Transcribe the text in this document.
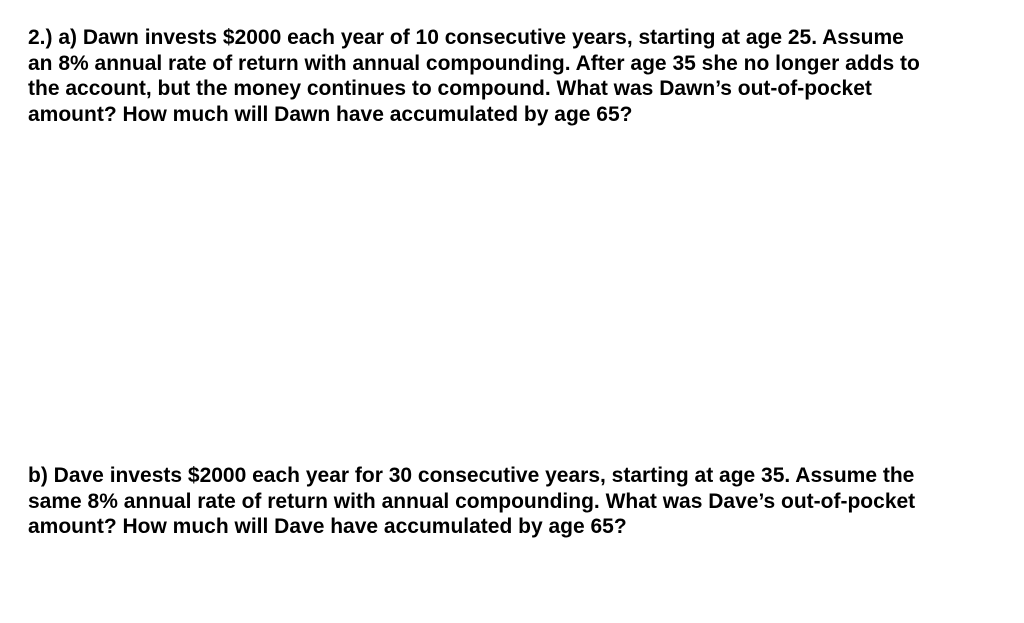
2.) a) Dawn invests $2000 each year of 10 consecutive years, starting at age 25. Assume
an 8% annual rate of return with annual compounding. After age 35 she no longer adds to
the account, but the money continues to compound. What was Dawn’s out-of-pocket
amount? How much will Dawn have accumulated by age 65?

b) Dave invests $2000 each year for 30 consecutive years, starting at age 35. Assume the
same 8% annual rate of return with annual compounding. What was Dave’s out-of-pocket
amount? How much will Dave have accumulated by age 65?
